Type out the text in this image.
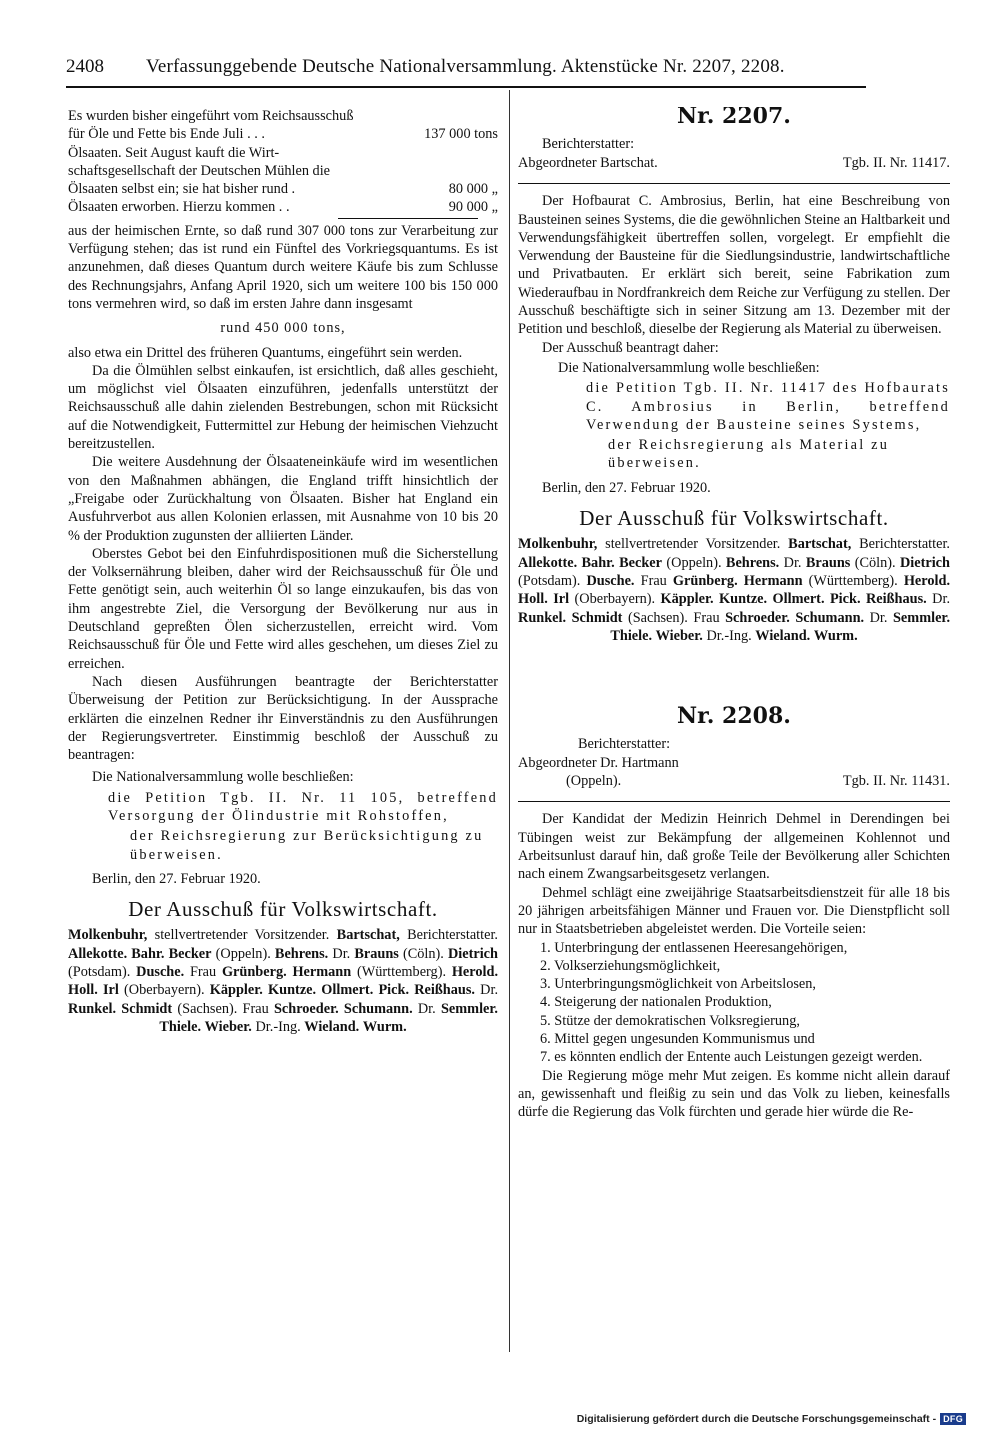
2408 Verfassunggebende Deutsche Nationalversammlung. Aktenstücke Nr. 2207, 2208.
Es wurden bisher eingeführt vom Reichsausschuß
für Öle und Fette bis Ende Juli . . .	137 000 tons
Ölsaaten. Seit August kauft die Wirt-
schaftsgesellschaft der Deutschen Mühlen die
Ölsaaten selbst ein; sie hat bisher rund .	80 000 „
Ölsaaten erworben. Hierzu kommen . .	90 000 „

aus der heimischen Ernte, so daß rund 307 000 tons zur Verarbeitung zur Verfügung stehen; das ist rund ein Fünftel des Vorkriegsquantums. Es ist anzunehmen, daß dieses Quantum durch weitere Käufe bis zum Schlusse des Rechnungsjahrs, Anfang April 1920, sich um weitere 100 bis 150 000 tons vermehren wird, so daß im ersten Jahre dann insgesamt

rund 450 000 tons,

also etwa ein Drittel des früheren Quantums, eingeführt sein werden.

Da die Ölmühlen selbst einkaufen, ist ersichtlich, daß alles geschieht, um möglichst viel Ölsaaten einzuführen, jedenfalls unterstützt der Reichsausschuß alle dahin zielenden Bestrebungen, schon mit Rücksicht auf die Notwendigkeit, Futtermittel zur Hebung der heimischen Viehzucht bereitzustellen.

Die weitere Ausdehnung der Ölsaateneinkäufe wird im wesentlichen von den Maßnahmen abhängen, die England trifft hinsichtlich der „Freigabe oder Zurückhaltung von Ölsaaten. Bisher hat England ein Ausfuhrverbot aus allen Kolonien erlassen, mit Ausnahme von 10 bis 20 % der Produktion zugunsten der alliierten Länder.

Oberstes Gebot bei den Einfuhrdispositionen muß die Sicherstellung der Volksernährung bleiben, daher wird der Reichsausschuß für Öle und Fette genötigt sein, auch weiterhin Öl so lange einzukaufen, bis das von ihm angestrebte Ziel, die Versorgung der Bevölkerung nur aus in Deutschland gepreßten Ölen sicherzustellen, erreicht wird. Vom Reichsausschuß für Öle und Fette wird alles geschehen, um dieses Ziel zu erreichen.

Nach diesen Ausführungen beantragte der Berichterstatter Überweisung der Petition zur Berücksichtigung. In der Aussprache erklärten die einzelnen Redner ihr Einverständnis zu den Ausführungen der Regierungsvertreter. Einstimmig beschloß der Ausschuß zu beantragen:

Die Nationalversammlung wolle beschließen:
die Petition Tgb. II. Nr. 11 105, betreffend Versorgung der Ölindustrie mit Rohstoffen,
der Reichsregierung zur Berücksichtigung zu überweisen.
Berlin, den 27. Februar 1920.
Der Ausschuß für Volkswirtschaft.

Molkenbuhr, stellvertretender Vorsitzender. Bartschat, Berichterstatter. Allekotte. Bahr. Becker (Oppeln). Behrens. Dr. Brauns (Cöln). Dietrich (Potsdam). Dusche. Frau Grünberg. Hermann (Württemberg). Herold. Holl. Irl (Oberbayern). Käppler. Kuntze. Ollmert. Pick. Reißhaus. Dr. Runkel. Schmidt (Sachsen). Frau Schroeder. Schumann. Dr. Semmler. Thiele. Wieber. Dr.-Ing. Wieland. Wurm.

Nr. 2207.
Berichterstatter:
Abgeordneter Bartschat.	Tgb. II. Nr. 11417.

Der Hofbaurat C. Ambrosius, Berlin, hat eine Beschreibung von Bausteinen seines Systems, die die gewöhnlichen Steine an Haltbarkeit und Verwendungsfähigkeit übertreffen sollen, vorgelegt. Er empfiehlt die Verwendung der Bausteine für die Siedlungsindustrie, landwirtschaftliche und Privatbauten. Er erklärt sich bereit, seine Fabrikation zum Wiederaufbau in Nordfrankreich dem Reiche zur Verfügung zu stellen. Der Ausschuß beschäftigte sich in seiner Sitzung am 13. Dezember mit der Petition und beschloß, dieselbe der Regierung als Material zu überweisen.

Der Ausschuß beantragt daher:

Die Nationalversammlung wolle beschließen:
die Petition Tgb. II. Nr. 11417 des Hofbaurats C. Ambrosius in Berlin, betreffend Verwendung der Bausteine seines Systems,
der Reichsregierung als Material zu überweisen.
Berlin, den 27. Februar 1920.
Der Ausschuß für Volkswirtschaft.

Molkenbuhr, stellvertretender Vorsitzender. Bartschat, Berichterstatter. Allekotte. Bahr. Becker (Oppeln). Behrens. Dr. Brauns (Cöln). Dietrich (Potsdam). Dusche. Frau Grünberg. Hermann (Württemberg). Herold. Holl. Irl (Oberbayern). Käppler. Kuntze. Ollmert. Pick. Reißhaus. Dr. Runkel. Schmidt (Sachsen). Frau Schroeder. Schumann. Dr. Semmler. Thiele. Wieber. Dr.-Ing. Wieland. Wurm.

Nr. 2208.
Berichterstatter:
Abgeordneter Dr. Hartmann
(Oppeln).	Tgb. II. Nr. 11431.

Der Kandidat der Medizin Heinrich Dehmel in Derendingen bei Tübingen weist zur Bekämpfung der allgemeinen Kohlennot und Arbeitsunlust darauf hin, daß große Teile der Bevölkerung aller Schichten nach einem Zwangsarbeitsgesetz verlangen.

Dehmel schlägt eine zweijährige Staatsarbeitsdienstzeit für alle 18 bis 20 jährigen arbeitsfähigen Männer und Frauen vor. Die Dienstpflicht soll nur in Staatsbetrieben abgeleistet werden. Die Vorteile seien:

1. Unterbringung der entlassenen Heeresangehörigen,
2. Volkserziehungsmöglichkeit,
3. Unterbringungsmöglichkeit von Arbeitslosen,
4. Steigerung der nationalen Produktion,
5. Stütze der demokratischen Volksregierung,
6. Mittel gegen ungesunden Kommunismus und
7. es könnten endlich der Entente auch Leistungen gezeigt werden.

Die Regierung möge mehr Mut zeigen. Es komme nicht allein darauf an, gewissenhaft und fleißig zu sein und das Volk zu lieben, keinesfalls dürfe die Regierung das Volk fürchten und gerade hier würde die Re-

Digitalisierung gefördert durch die Deutsche Forschungsgemeinschaft - DFG
